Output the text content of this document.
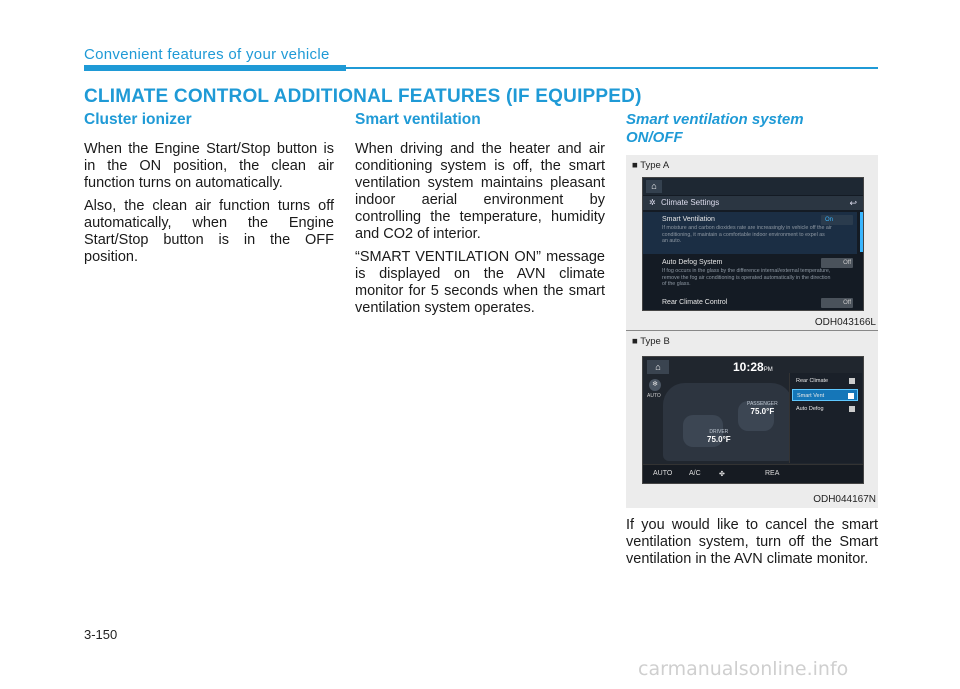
Convenient features of your vehicle
CLIMATE CONTROL ADDITIONAL FEATURES (IF EQUIPPED)
Cluster ionizer

When the Engine Start/Stop button is in the ON position, the clean air function turns on automatically.

Also, the clean air function turns off automatically, when the Engine Start/Stop button is in the OFF position.

Smart ventilation

When driving and the heater and air conditioning system is off, the smart ventilation system maintains pleasant indoor aerial environment by controlling the temperature, humidity and CO2 of interior.

“SMART VENTILATION ON” message is displayed on the AVN climate monitor for 5 seconds when the smart ventilation system operates.

Smart ventilation system
ON/OFF
■ Type A
⌂
✲ Climate Settings	↩
Smart Ventilation	On
If moisture and carbon dioxides rate are increasingly in vehicle off the air conditioning, it maintain a comfortable indoor environment to expel as an auto.
Auto Defog System	Off
If fog occurs in the glass by the difference internal/external temperature, remove the fog air conditioning is operated automatically in the direction of the glass.
Rear Climate Control	Off
ODH043166L
■ Type B
⌂	10:28PM
❄
AUTO
PASSENGER
75.0°F
DRIVER
75.0°F
Rear Climate
Smart Vent
Auto Defog
AUTO A/C	✤	REA
ODH044167N

If you would like to cancel the smart ventilation system, turn off the Smart ventilation in the AVN climate monitor.

3-150
carmanualsonline.info
